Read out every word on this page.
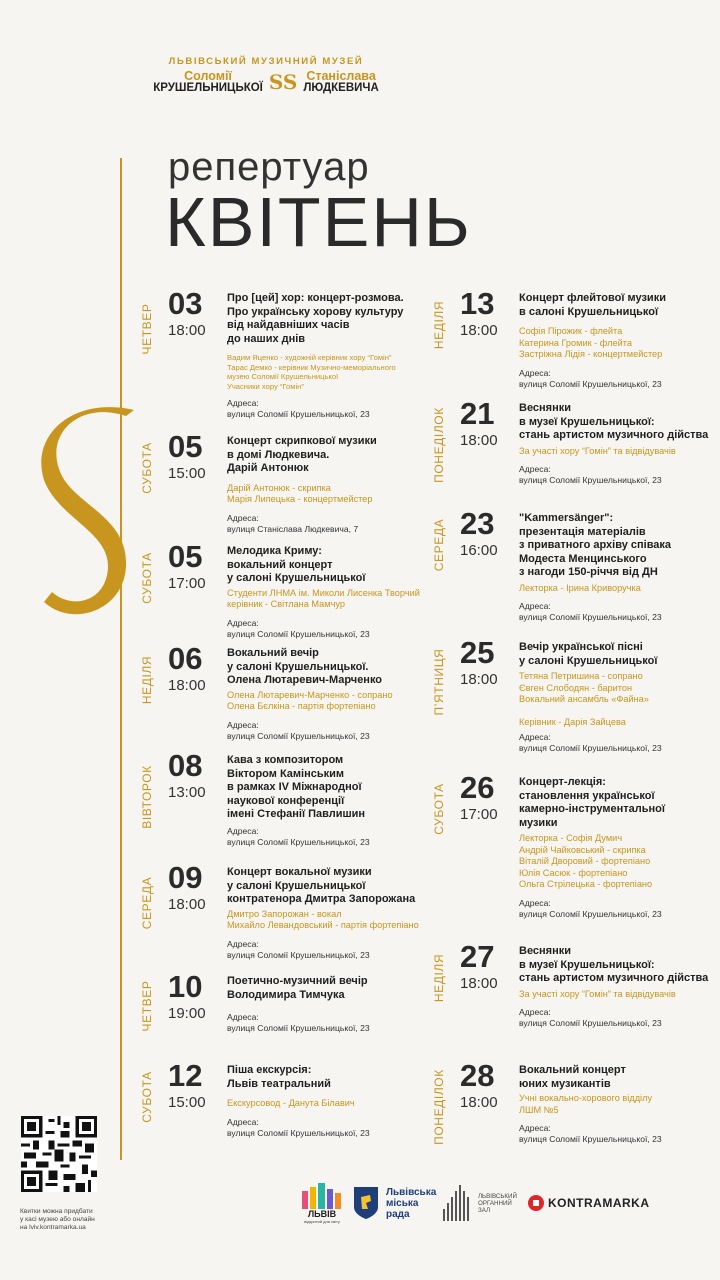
ЛЬВІВСЬКИЙ МУЗИЧНИЙ МУЗЕЙ
Соломії
КРУШЕЛЬНИЦЬКОЇ SS Станіслава
ЛЮДКЕВИЧА
репертуар
КВІТЕНЬ
ЧЕТВЕР
03
18:00
Про [цей] хор: концерт-розмова.
Про українську хорову культуру
від найдавніших часів
до наших днів
Вадим Яценко - художній керівник хору “Гомін”
Тарас Демко - керівник Музично-меморіального
музею Соломії Крушельницької
Учасники хору “Гомін”
Адреса:
вулиця Соломії Крушельницької, 23
СУБОТА 05
15:00
Концерт скрипкової музики
в домі Людкевича.
Дарій Антонюк
Дарій Антонюк - скрипка
Марія Липецька - концертмейстер
Адреса:
вулиця Станіслава Людкевича, 7
СУБОТА 05
17:00
Мелодика Криму:
вокальний концерт
у салоні Крушельницької
Студенти ЛНМА ім. Миколи Лисенка Творчий керівник - Світлана Мамчур
Адреса:
вулиця Соломії Крушельницької, 23
НЕДІЛЯ 06
18:00
Вокальний вечір
у салоні Крушельницької.
Олена Лютаревич-Марченко
Олена Лютаревич-Марченко - сопрано
Олена Бєлкіна - партія фортепіано
Адреса:
вулиця Соломії Крушельницької, 23
ВІВТОРОК 08
13:00
Кава з композитором
Віктором Камінським
в рамках IV Міжнародної
наукової конференції
імені Стефанії Павлишин
Адреса:
вулиця Соломії Крушельницької, 23
СЕРЕДА 09
18:00
Концерт вокальної музики
у салоні Крушельницької
контратенора Дмитра Запорожана
Дмитро Запорожан - вокал
Михайло Левандовський - партія фортепіано
Адреса:
вулиця Соломії Крушельницької, 23
ЧЕТВЕР 10
19:00
Поетично-музичний вечір
Володимира Тимчука
Адреса:
вулиця Соломії Крушельницької, 23
СУБОТА 12
15:00
Піша екскурсія:
Львів театральний
Екскурсовод - Данута Білавич
Адреса:
вулиця Соломії Крушельницької, 23
НЕДІЛЯ 13
18:00
Концерт флейтової музики
в салоні Крушельницької
Софія Пірожик - флейта
Катерина Громик - флейта
Застрiжна Лідія - концертмейстер
Адреса:
вулиця Соломії Крушельницької, 23
ПОНЕДІЛОК 21
18:00
Веснянки
в музеї Крушельницької:
стань артистом музичного дійства
За участі хору “Гомін” та відвідувачів
Адреса:
вулиця Соломії Крушельницької, 23
СЕРЕДА 23
16:00
"Kammersänger":
презентація матеріалів
з приватного архіву співака
Модеста Менцинського
з нагоди 150-річчя від ДН
Лекторка - Ірина Криворучка
Адреса:
вулиця Соломії Крушельницької, 23
ПʼЯТНИЦЯ 25
18:00
Вечір української пісні
у салоні Крушельницької
Тетяна Петришина - сопрано
Євген Слободян - баритон
Вокальний ансамбль «Файна»

Керівник - Дарія Зайцева
Адреса:
вулиця Соломії Крушельницької, 23
СУБОТА 26
17:00
Концерт-лекція:
становлення української
камерно-інструментальної
музики
Лекторка - Софія Думич
Андрій Чайковський - скрипка
Віталій Дворовий - фортепіано
Юлія Сасюк - фортепіано
Ольга Стрілецька - фортепіано
Адреса:
вулиця Соломії Крушельницької, 23
НЕДІЛЯ 27
18:00
Веснянки
в музеї Крушельницької:
стань артистом музичного дійства
За участі хору “Гомін” та відвідувачів
Адреса:
вулиця Соломії Крушельницької, 23
ПОНЕДІЛОК 28
18:00
Вокальний концерт
юних музикантів
Учні вокально-хорового відділу
ЛШМ №5
Адреса:
вулиця Соломії Крушельницької, 23
Квитки можна придбати
у касі музею або онлайн
на lviv.kontramarka.ua
ЛЬВІВ
відкритий для світу
Львівська
міська
рада
ЛЬВІВСЬКИЙ
ОРГАННИЙ
ЗАЛ	KONTRAMARKA
